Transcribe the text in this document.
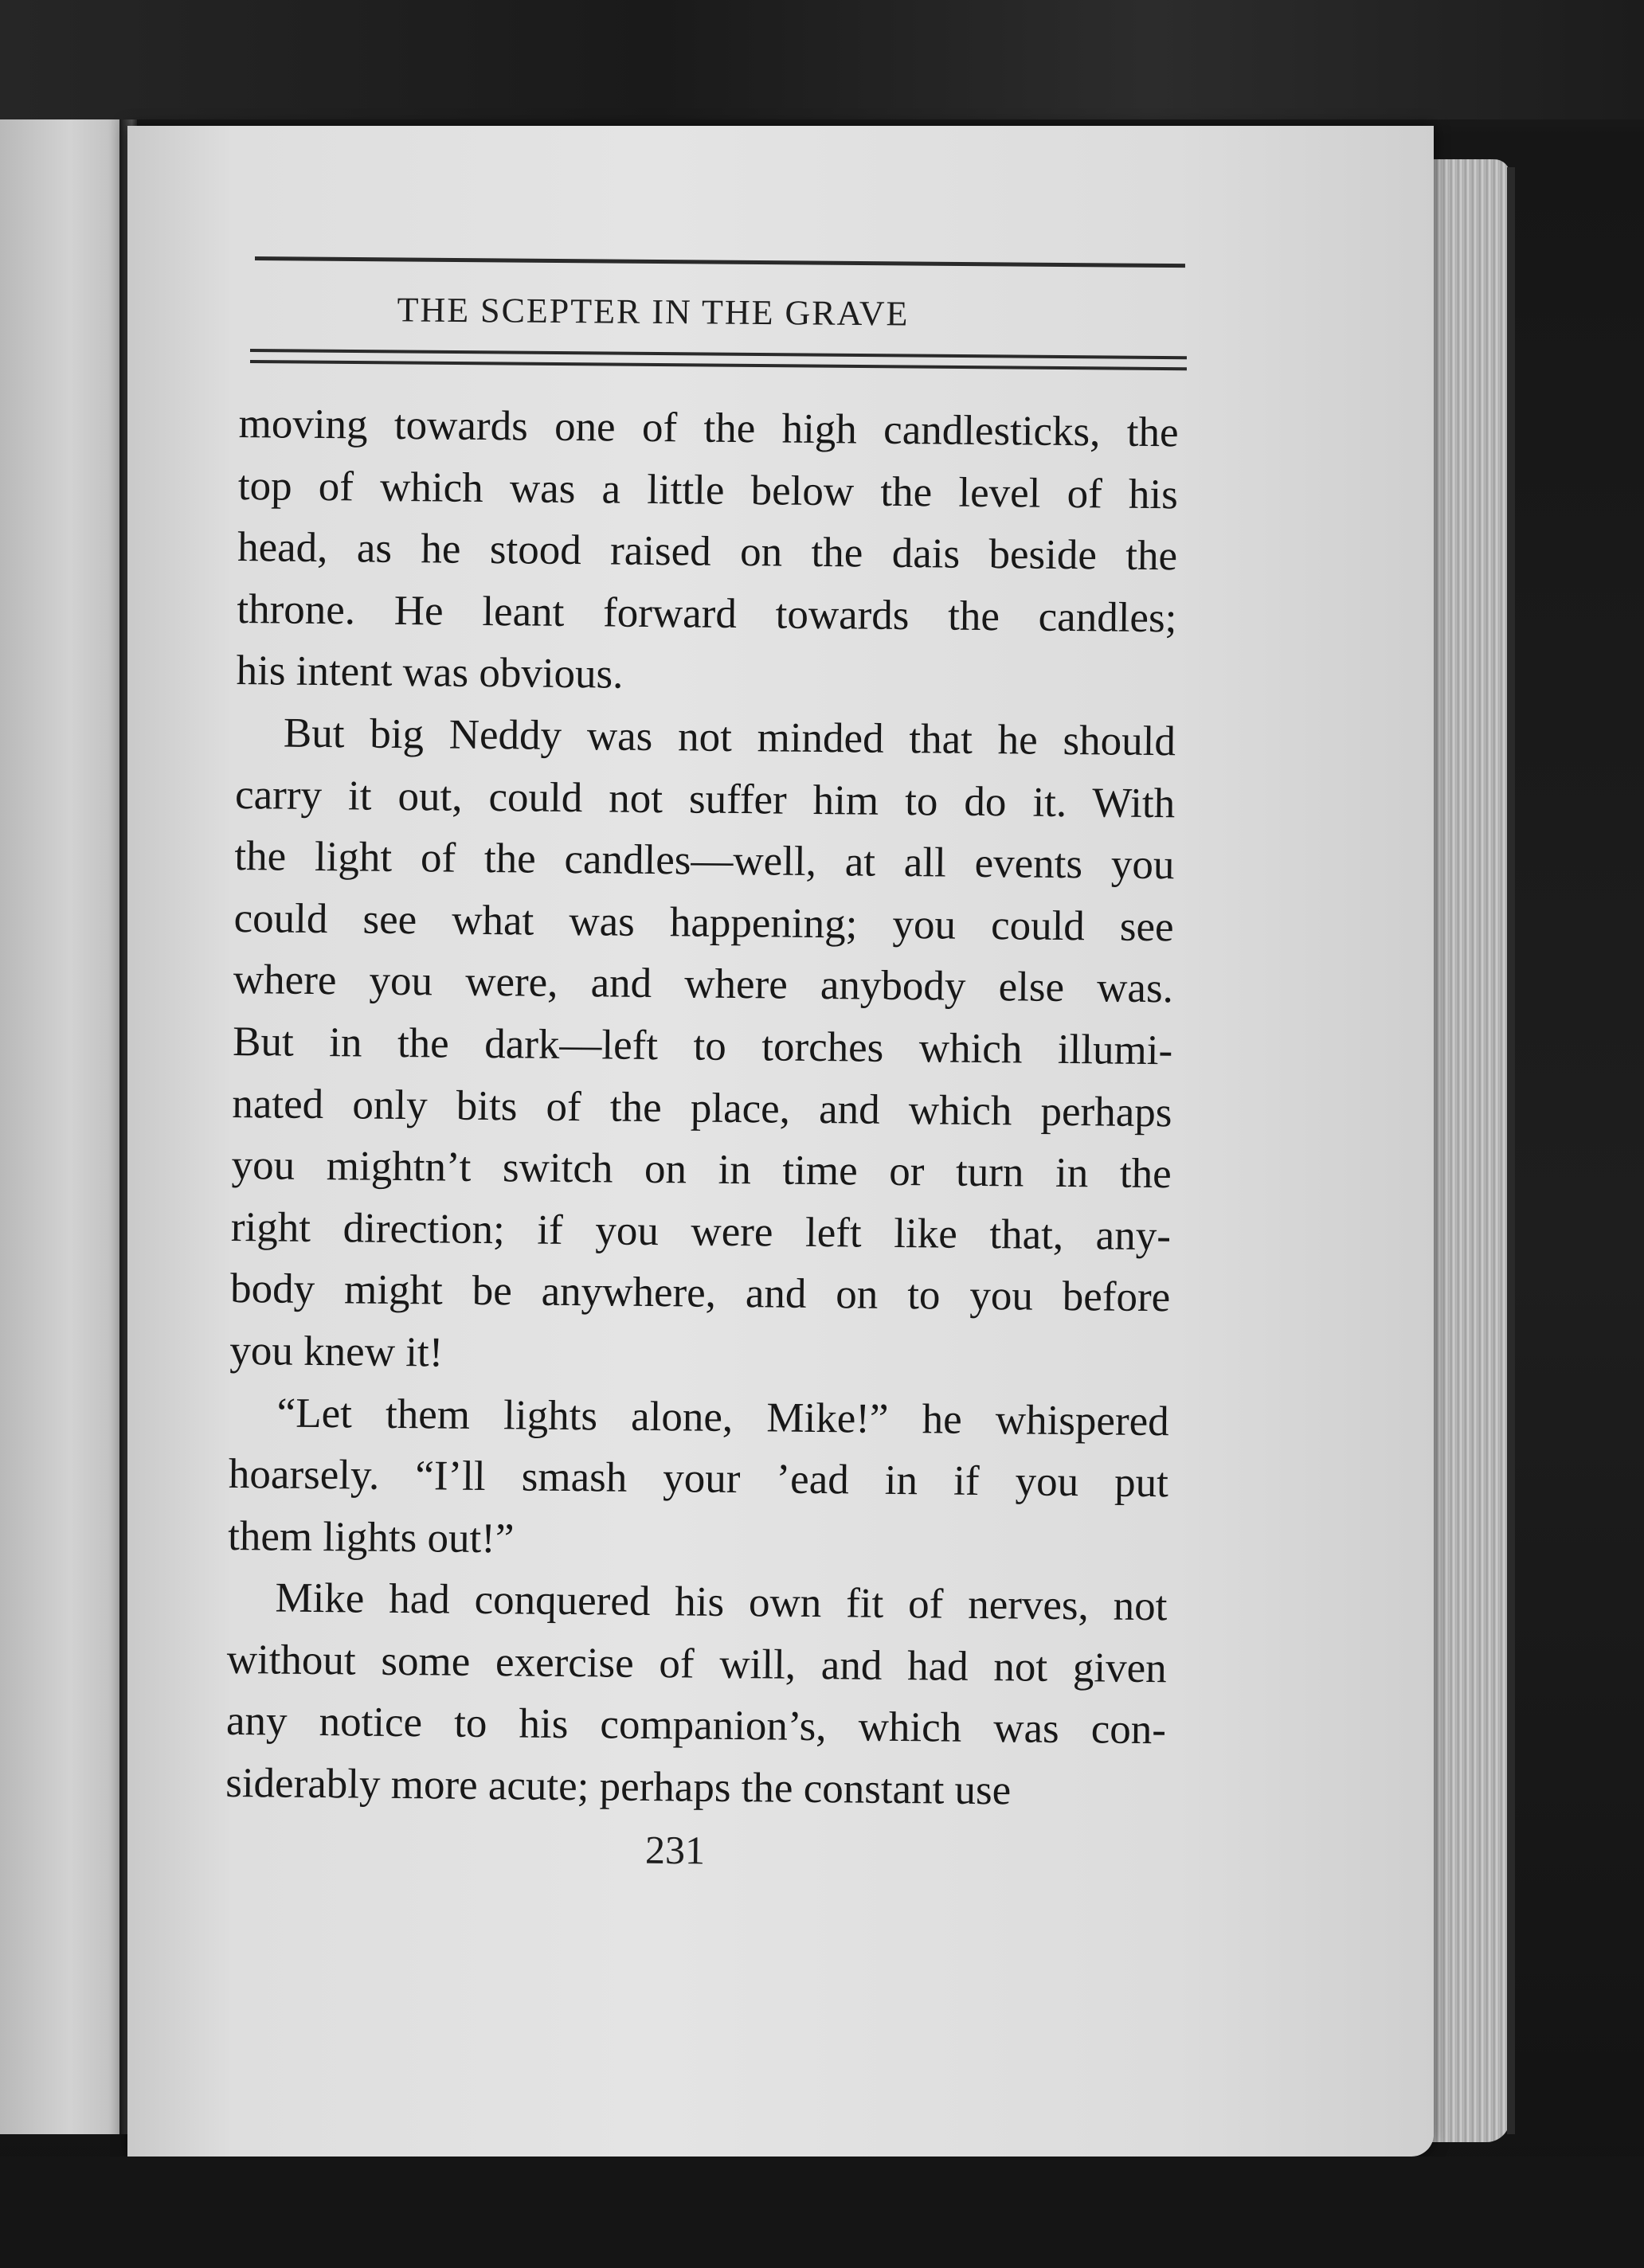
THE SCEPTER IN THE GRAVE
moving towards one of the high candlesticks, the
top of which was a little below the level of his
head, as he stood raised on the dais beside the
throne. He leant forward towards the candles;
his intent was obvious.
But big Neddy was not minded that he should
carry it out, could not suffer him to do it. With
the light of the candles—well, at all events you
could see what was happening; you could see
where you were, and where anybody else was.
But in the dark—left to torches which illumi-
nated only bits of the place, and which perhaps
you mightn’t switch on in time or turn in the
right direction; if you were left like that, any-
body might be anywhere, and on to you before
you knew it!
“Let them lights alone, Mike!” he whispered
hoarsely. “I’ll smash your ’ead in if you put
them lights out!”
Mike had conquered his own fit of nerves, not
without some exercise of will, and had not given
any notice to his companion’s, which was con-
siderably more acute; perhaps the constant use
231
